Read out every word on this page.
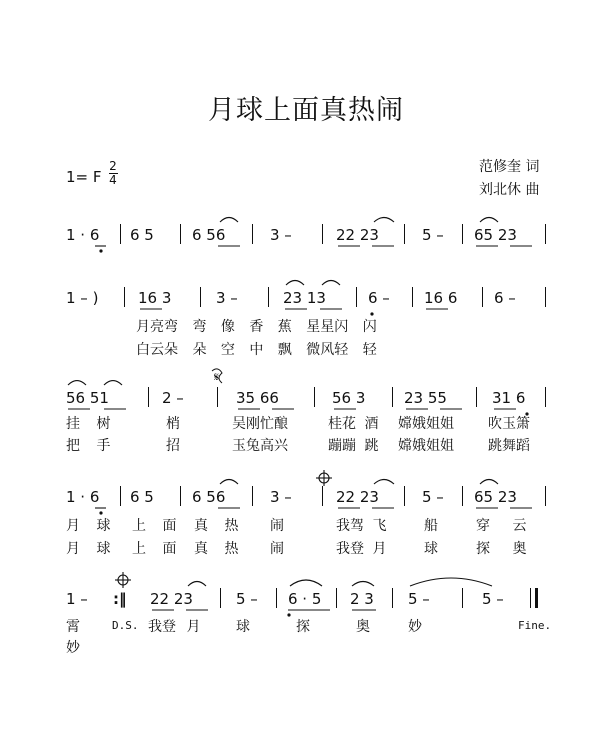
月球上面真热闹
1= F
2
4
范修奎 词
刘北休 曲
1 · 6 6 5	6 56	3 –	22 23	5 – 65 23
1 – )	16 3	3 –	23 13	6 – 16 6 6 –
月亮弯 弯 像 香 蕉 星星闪 闪
白云朵 朵 空 中 飘 微风轻 轻
56 51	2 –	35 66	56 3	23 55	31 6
挂 树	梢	吴刚忙酿	桂花 酒 嫦娥姐姐 吹玉箫
把 手	招	玉兔高兴	蹦蹦 跳 嫦娥姐姐 跳舞蹈
1 · 6 6 5	6 56	3 –	22 23	5 – 65 23
月 球 上 面 真 热 闹	我驾 飞	船	穿 云
月 球 上 面 真 热 闹	我登 月	球	探 奥
1 – :‖ 22 23	5 – 6 · 5 2 3 5 –	5 –
霄	D.S. 我登 月	球	探	奥	妙	Fine.
妙
𝄋
